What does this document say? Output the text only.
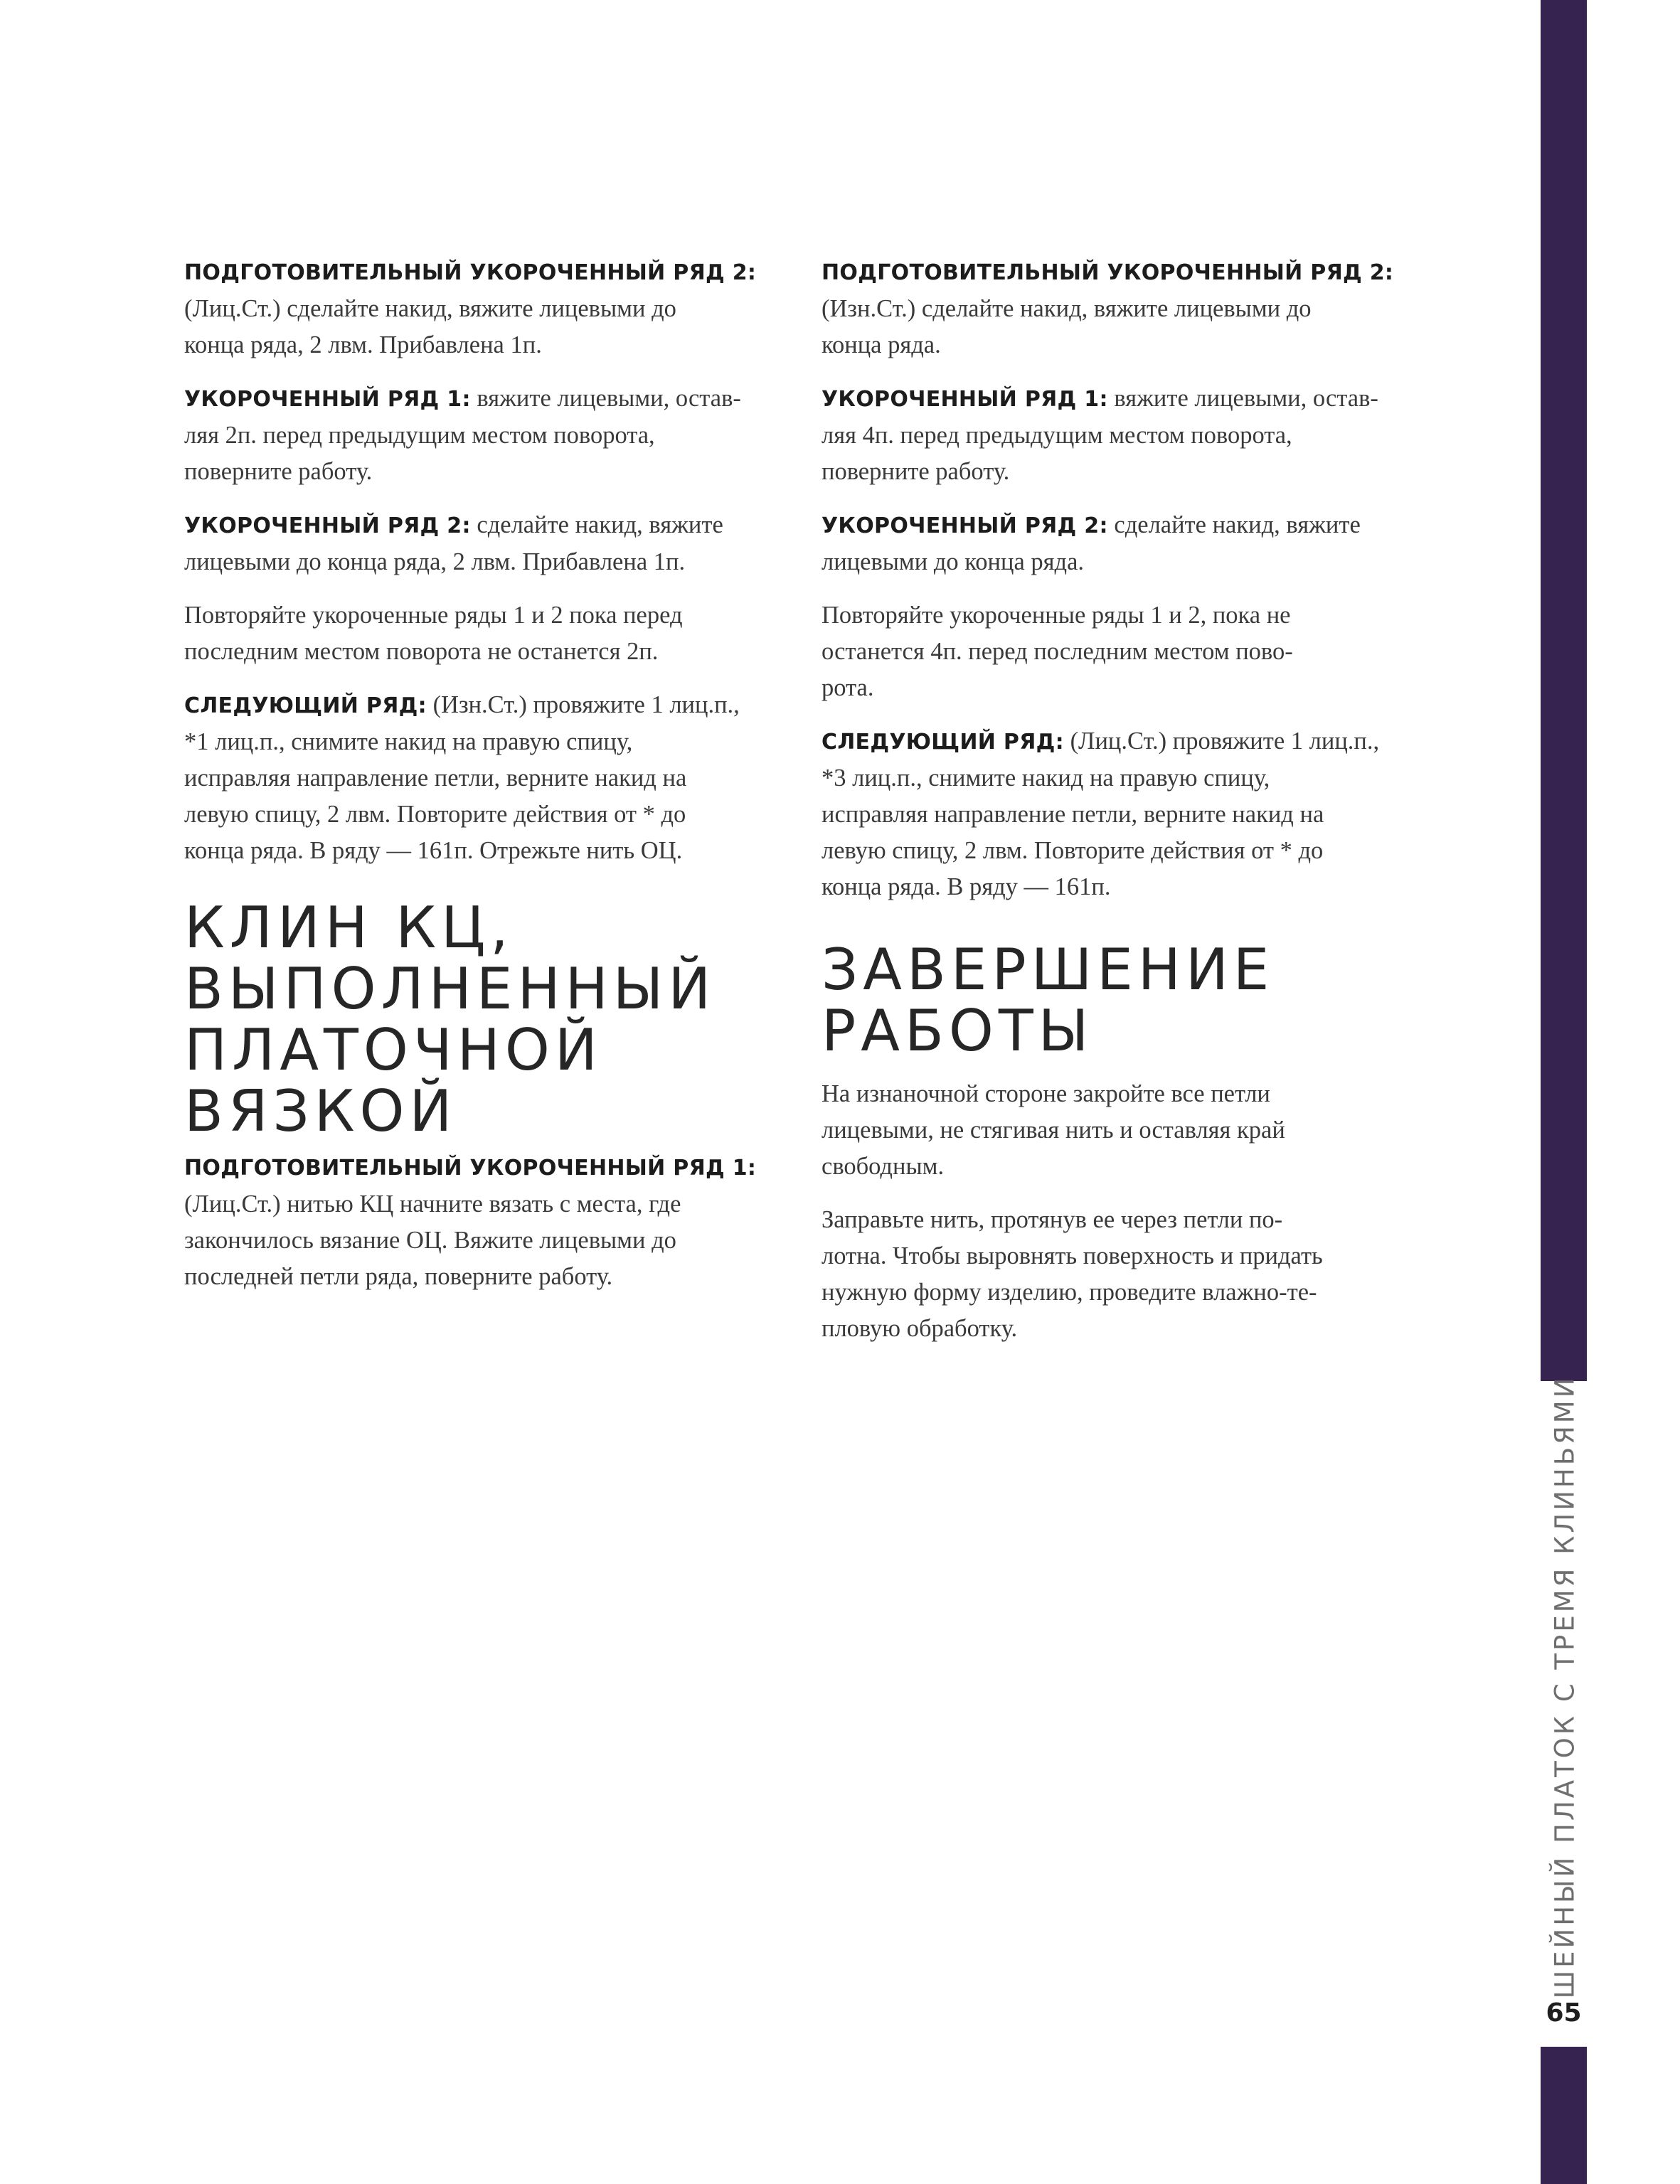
ПОДГОТОВИТЕЛЬНЫЙ УКОРОЧЕННЫЙ РЯД 2:
(Лиц.Ст.) сделайте накид, вяжите лицевыми до
конца ряда, 2 лвм. Прибавлена 1п.

УКОРОЧЕННЫЙ РЯД 1: вяжите лицевыми, остав-
ляя 2п. перед предыдущим местом поворота,
поверните работу.

УКОРОЧЕННЫЙ РЯД 2: сделайте накид, вяжите
лицевыми до конца ряда, 2 лвм. Прибавлена 1п.

Повторяйте укороченные ряды 1 и 2 пока перед
последним местом поворота не останется 2п.

СЛЕДУЮЩИЙ РЯД: (Изн.Ст.) провяжите 1 лиц.п.,
*1 лиц.п., снимите накид на правую спицу,
исправляя направление петли, верните накид на
левую спицу, 2 лвм. Повторите действия от * до
конца ряда. В ряду — 161п. Отрежьте нить ОЦ.

КЛИН КЦ,
ВЫПОЛНЕННЫЙ
ПЛАТОЧНОЙ
ВЯЗКОЙ

ПОДГОТОВИТЕЛЬНЫЙ УКОРОЧЕННЫЙ РЯД 1:
(Лиц.Ст.) нитью КЦ начните вязать с места, где
закончилось вязание ОЦ. Вяжите лицевыми до
последней петли ряда, поверните работу.

ПОДГОТОВИТЕЛЬНЫЙ УКОРОЧЕННЫЙ РЯД 2:
(Изн.Ст.) сделайте накид, вяжите лицевыми до
конца ряда.

УКОРОЧЕННЫЙ РЯД 1: вяжите лицевыми, остав-
ляя 4п. перед предыдущим местом поворота,
поверните работу.

УКОРОЧЕННЫЙ РЯД 2: сделайте накид, вяжите
лицевыми до конца ряда.

Повторяйте укороченные ряды 1 и 2, пока не
останется 4п. перед последним местом пово-
рота.

СЛЕДУЮЩИЙ РЯД: (Лиц.Ст.) провяжите 1 лиц.п.,
*3 лиц.п., снимите накид на правую спицу,
исправляя направление петли, верните накид на
левую спицу, 2 лвм. Повторите действия от * до
конца ряда. В ряду — 161п.

ЗАВЕРШЕНИЕ
РАБОТЫ

На изнаночной стороне закройте все петли
лицевыми, не стягивая нить и оставляя край
свободным.

Заправьте нить, протянув ее через петли по-
лотна. Чтобы выровнять поверхность и придать
нужную форму изделию, проведите влажно-те-
пловую обработку.

ШЕЙНЫЙ ПЛАТОК С ТРЕМЯ КЛИНЬЯМИ
65
